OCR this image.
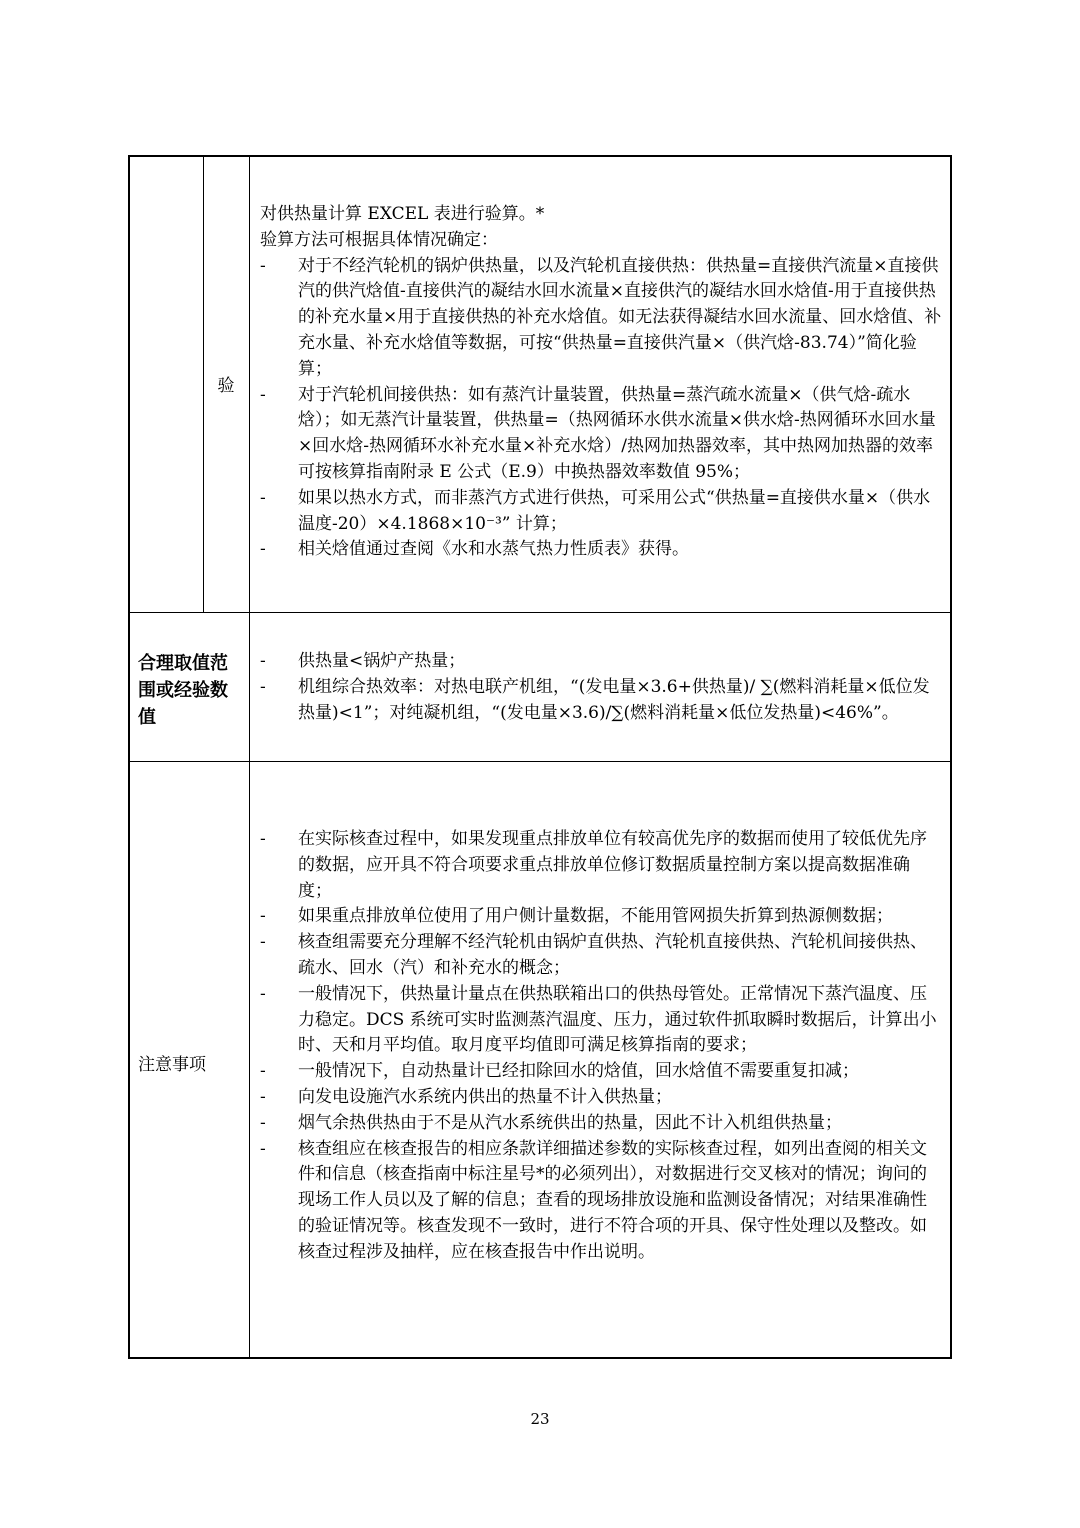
验
对供热量计算 EXCEL 表进行验算。*
验算方法可根据具体情况确定：
- 对于不经汽轮机的锅炉供热量，以及汽轮机直接供热：供热量=直接供汽流量×直接供汽的供汽焓值-直接供汽的凝结水回水流量×直接供汽的凝结水回水焓值-用于直接供热的补充水量×用于直接供热的补充水焓值。如无法获得凝结水回水流量、回水焓值、补充水量、补充水焓值等数据，可按“供热量=直接供汽量×（供汽焓-83.74）”简化验算；
- 对于汽轮机间接供热：如有蒸汽计量装置，供热量=蒸汽疏水流量×（供气焓-疏水焓）；如无蒸汽计量装置，供热量=（热网循环水供水流量×供水焓-热网循环水回水量×回水焓-热网循环水补充水量×补充水焓）/热网加热器效率，其中热网加热器的效率可按核算指南附录 E 公式（E.9）中换热器效率数值 95%；
- 如果以热水方式，而非蒸汽方式进行供热，可采用公式“供热量=直接供水量×（供水温度-20）×4.1868×10⁻³” 计算；
- 相关焓值通过查阅《水和水蒸气热力性质表》获得。
合理取值范围或经验数值
- 供热量<锅炉产热量；
- 机组综合热效率：对热电联产机组，“(发电量×3.6+供热量)/ ∑(燃料消耗量×低位发热量)<1”；对纯凝机组，“(发电量×3.6)/∑(燃料消耗量×低位发热量)<46%”。
注意事项
- 在实际核查过程中，如果发现重点排放单位有较高优先序的数据而使用了较低优先序的数据，应开具不符合项要求重点排放单位修订数据质量控制方案以提高数据准确度；
- 如果重点排放单位使用了用户侧计量数据，不能用管网损失折算到热源侧数据；
- 核查组需要充分理解不经汽轮机由锅炉直供热、汽轮机直接供热、汽轮机间接供热、疏水、回水（汽）和补充水的概念；
- 一般情况下，供热量计量点在供热联箱出口的供热母管处。正常情况下蒸汽温度、压力稳定。DCS 系统可实时监测蒸汽温度、压力，通过软件抓取瞬时数据后，计算出小时、天和月平均值。取月度平均值即可满足核算指南的要求；
- 一般情况下，自动热量计已经扣除回水的焓值，回水焓值不需要重复扣减；
- 向发电设施汽水系统内供出的热量不计入供热量；
- 烟气余热供热由于不是从汽水系统供出的热量，因此不计入机组供热量；
- 核查组应在核查报告的相应条款详细描述参数的实际核查过程，如列出查阅的相关文件和信息（核查指南中标注星号*的必须列出），对数据进行交叉核对的情况；询问的现场工作人员以及了解的信息；查看的现场排放设施和监测设备情况；对结果准确性的验证情况等。核查发现不一致时，进行不符合项的开具、保守性处理以及整改。如核查过程涉及抽样，应在核查报告中作出说明。
23
